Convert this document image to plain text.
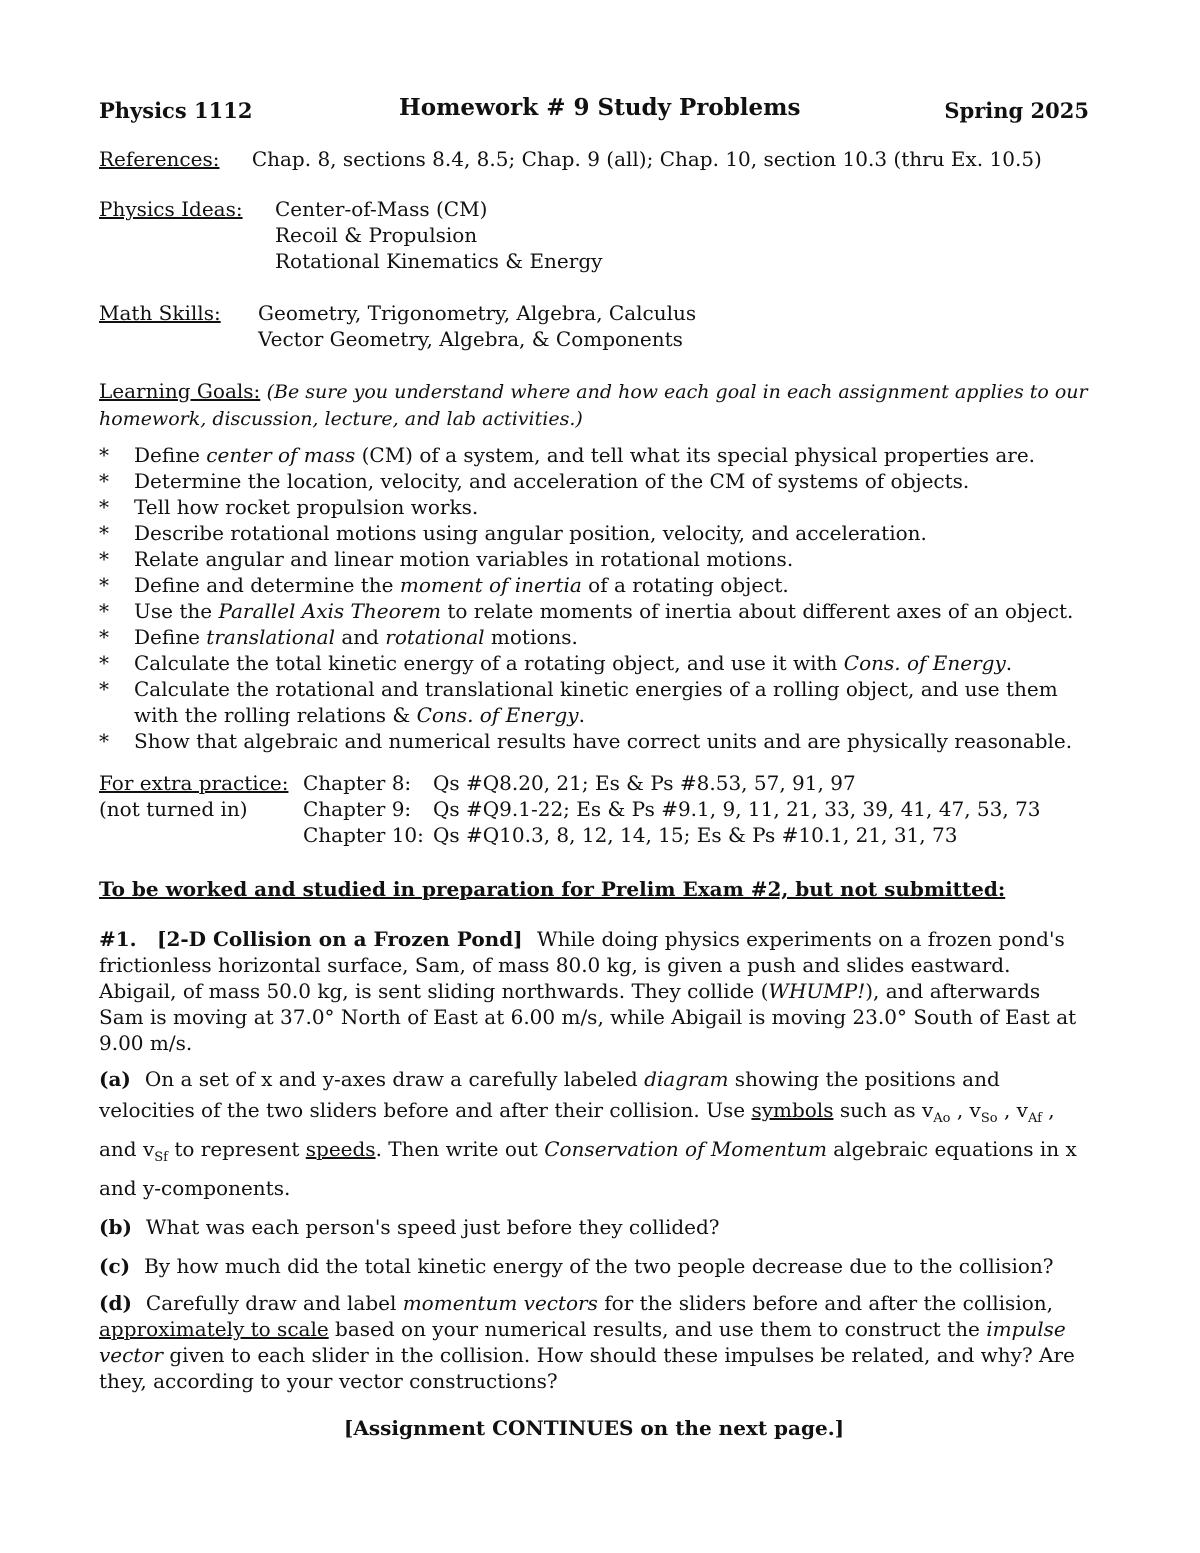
Physics 1112	Homework # 9 Study Problems	Spring 2025
References: Chap. 8, sections 8.4, 8.5; Chap. 9 (all); Chap. 10, section 10.3 (thru Ex. 10.5)
Physics Ideas: Center-of-Mass (CM)
Recoil & Propulsion
Rotational Kinematics & Energy
Math Skills: Geometry, Trigonometry, Algebra, Calculus
Vector Geometry, Algebra, & Components
Learning Goals: (Be sure you understand where and how each goal in each assignment applies to our homework, discussion, lecture, and lab activities.)
* Define center of mass (CM) of a system, and tell what its special physical properties are.
* Determine the location, velocity, and acceleration of the CM of systems of objects.
* Tell how rocket propulsion works.
* Describe rotational motions using angular position, velocity, and acceleration.
* Relate angular and linear motion variables in rotational motions.
* Define and determine the moment of inertia of a rotating object.
* Use the Parallel Axis Theorem to relate moments of inertia about different axes of an object.
* Define translational and rotational motions.
* Calculate the total kinetic energy of a rotating object, and use it with Cons. of Energy.
* Calculate the rotational and translational kinetic energies of a rolling object, and use them with the rolling relations & Cons. of Energy.
* Show that algebraic and numerical results have correct units and are physically reasonable.
For extra practice:
(not turned in)
Chapter 8: Qs #Q8.20, 21; Es & Ps #8.53, 57, 91, 97
Chapter 9: Qs #Q9.1-22; Es & Ps #9.1, 9, 11, 21, 33, 39, 41, 47, 53, 73
Chapter 10: Qs #Q10.3, 8, 12, 14, 15; Es & Ps #10.1, 21, 31, 73
To be worked and studied in preparation for Prelim Exam #2, but not submitted:
#1. [2-D Collision on a Frozen Pond] While doing physics experiments on a frozen pond's frictionless horizontal surface, Sam, of mass 80.0 kg, is given a push and slides eastward. Abigail, of mass 50.0 kg, is sent sliding northwards. They collide (WHUMP!), and afterwards Sam is moving at 37.0° North of East at 6.00 m/s, while Abigail is moving 23.0° South of East at 9.00 m/s.
(a) On a set of x and y-axes draw a carefully labeled diagram showing the positions and velocities of the two sliders before and after their collision. Use symbols such as $v_{Ao}$ , $v_{So}$ , $v_{Af}$ , and $v_{Sf}$ to represent speeds. Then write out Conservation of Momentum algebraic equations in x and y-components.
(b) What was each person's speed just before they collided?
(c) By how much did the total kinetic energy of the two people decrease due to the collision?
(d) Carefully draw and label momentum vectors for the sliders before and after the collision, approximately to scale based on your numerical results, and use them to construct the impulse vector given to each slider in the collision. How should these impulses be related, and why? Are they, according to your vector constructions?
[Assignment CONTINUES on the next page.]
